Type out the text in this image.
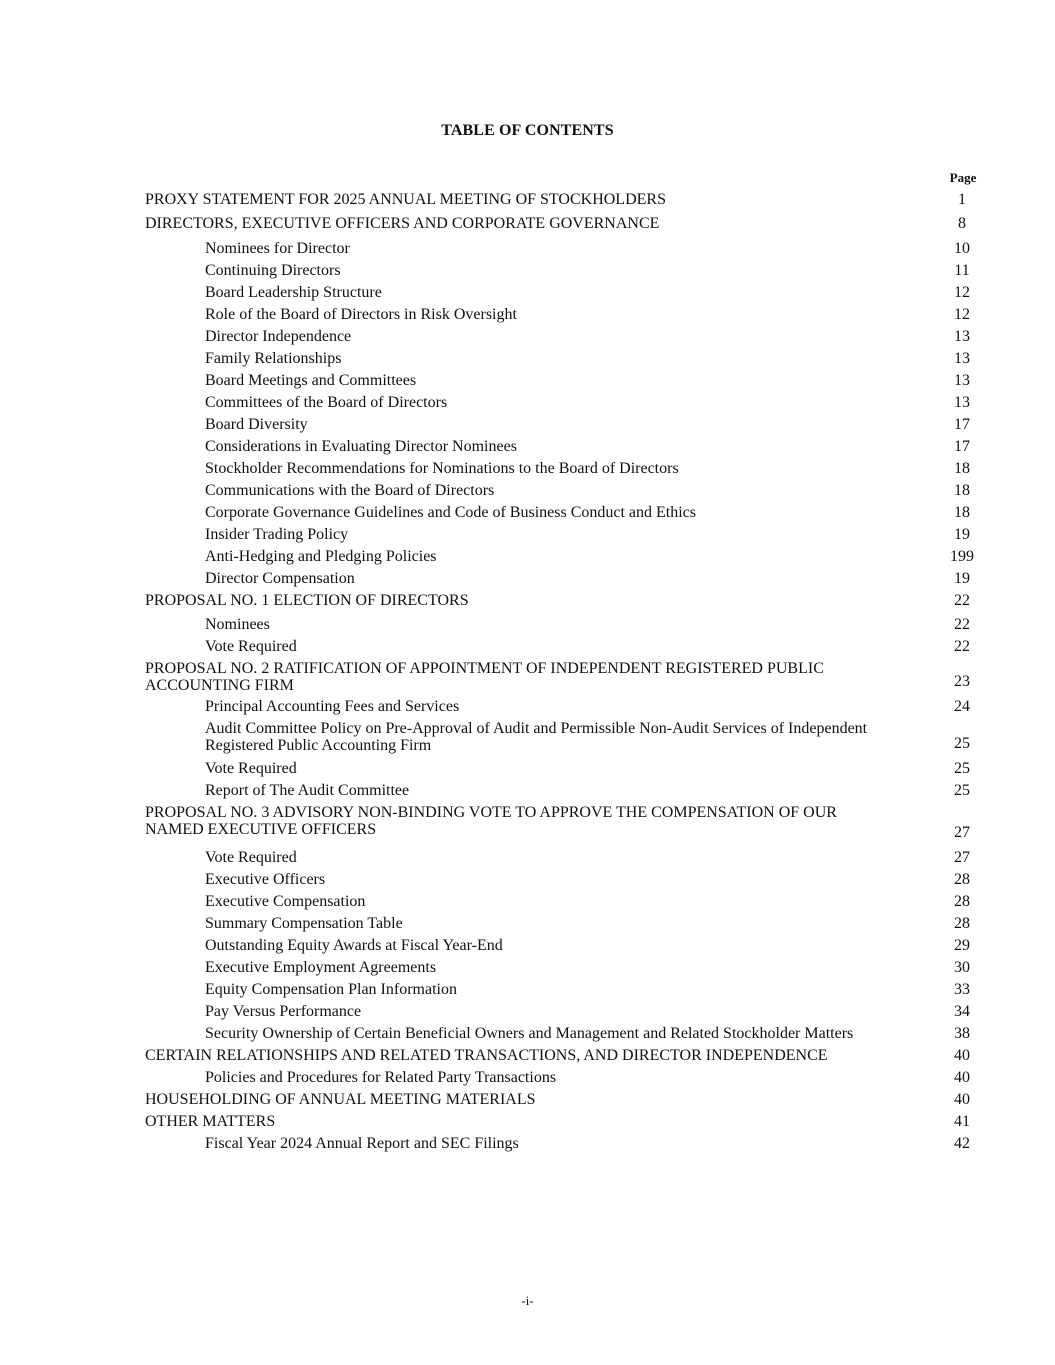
TABLE OF CONTENTS
Page
PROXY STATEMENT FOR 2025 ANNUAL MEETING OF STOCKHOLDERS	1
DIRECTORS, EXECUTIVE OFFICERS AND CORPORATE GOVERNANCE	8
Nominees for Director	10
Continuing Directors	11
Board Leadership Structure	12
Role of the Board of Directors in Risk Oversight	12
Director Independence	13
Family Relationships	13
Board Meetings and Committees	13
Committees of the Board of Directors	13
Board Diversity	17
Considerations in Evaluating Director Nominees	17
Stockholder Recommendations for Nominations to the Board of Directors	18
Communications with the Board of Directors	18
Corporate Governance Guidelines and Code of Business Conduct and Ethics	18
Insider Trading Policy	19
Anti-Hedging and Pledging Policies	199
Director Compensation	19
PROPOSAL NO. 1 ELECTION OF DIRECTORS	22
Nominees	22
Vote Required	22
PROPOSAL NO. 2 RATIFICATION OF APPOINTMENT OF INDEPENDENT REGISTERED PUBLIC
ACCOUNTING FIRM	23
Principal Accounting Fees and Services	24
Audit Committee Policy on Pre-Approval of Audit and Permissible Non-Audit Services of Independent
Registered Public Accounting Firm	25
Vote Required	25
Report of The Audit Committee	25
PROPOSAL NO. 3 ADVISORY NON-BINDING VOTE TO APPROVE THE COMPENSATION OF OUR
NAMED EXECUTIVE OFFICERS	27
Vote Required	27
Executive Officers	28
Executive Compensation	28
Summary Compensation Table	28
Outstanding Equity Awards at Fiscal Year-End	29
Executive Employment Agreements	30
Equity Compensation Plan Information	33
Pay Versus Performance	34
Security Ownership of Certain Beneficial Owners and Management and Related Stockholder Matters	38
CERTAIN RELATIONSHIPS AND RELATED TRANSACTIONS, AND DIRECTOR INDEPENDENCE	40
Policies and Procedures for Related Party Transactions	40
HOUSEHOLDING OF ANNUAL MEETING MATERIALS	40
OTHER MATTERS	41
Fiscal Year 2024 Annual Report and SEC Filings	42
-i-
